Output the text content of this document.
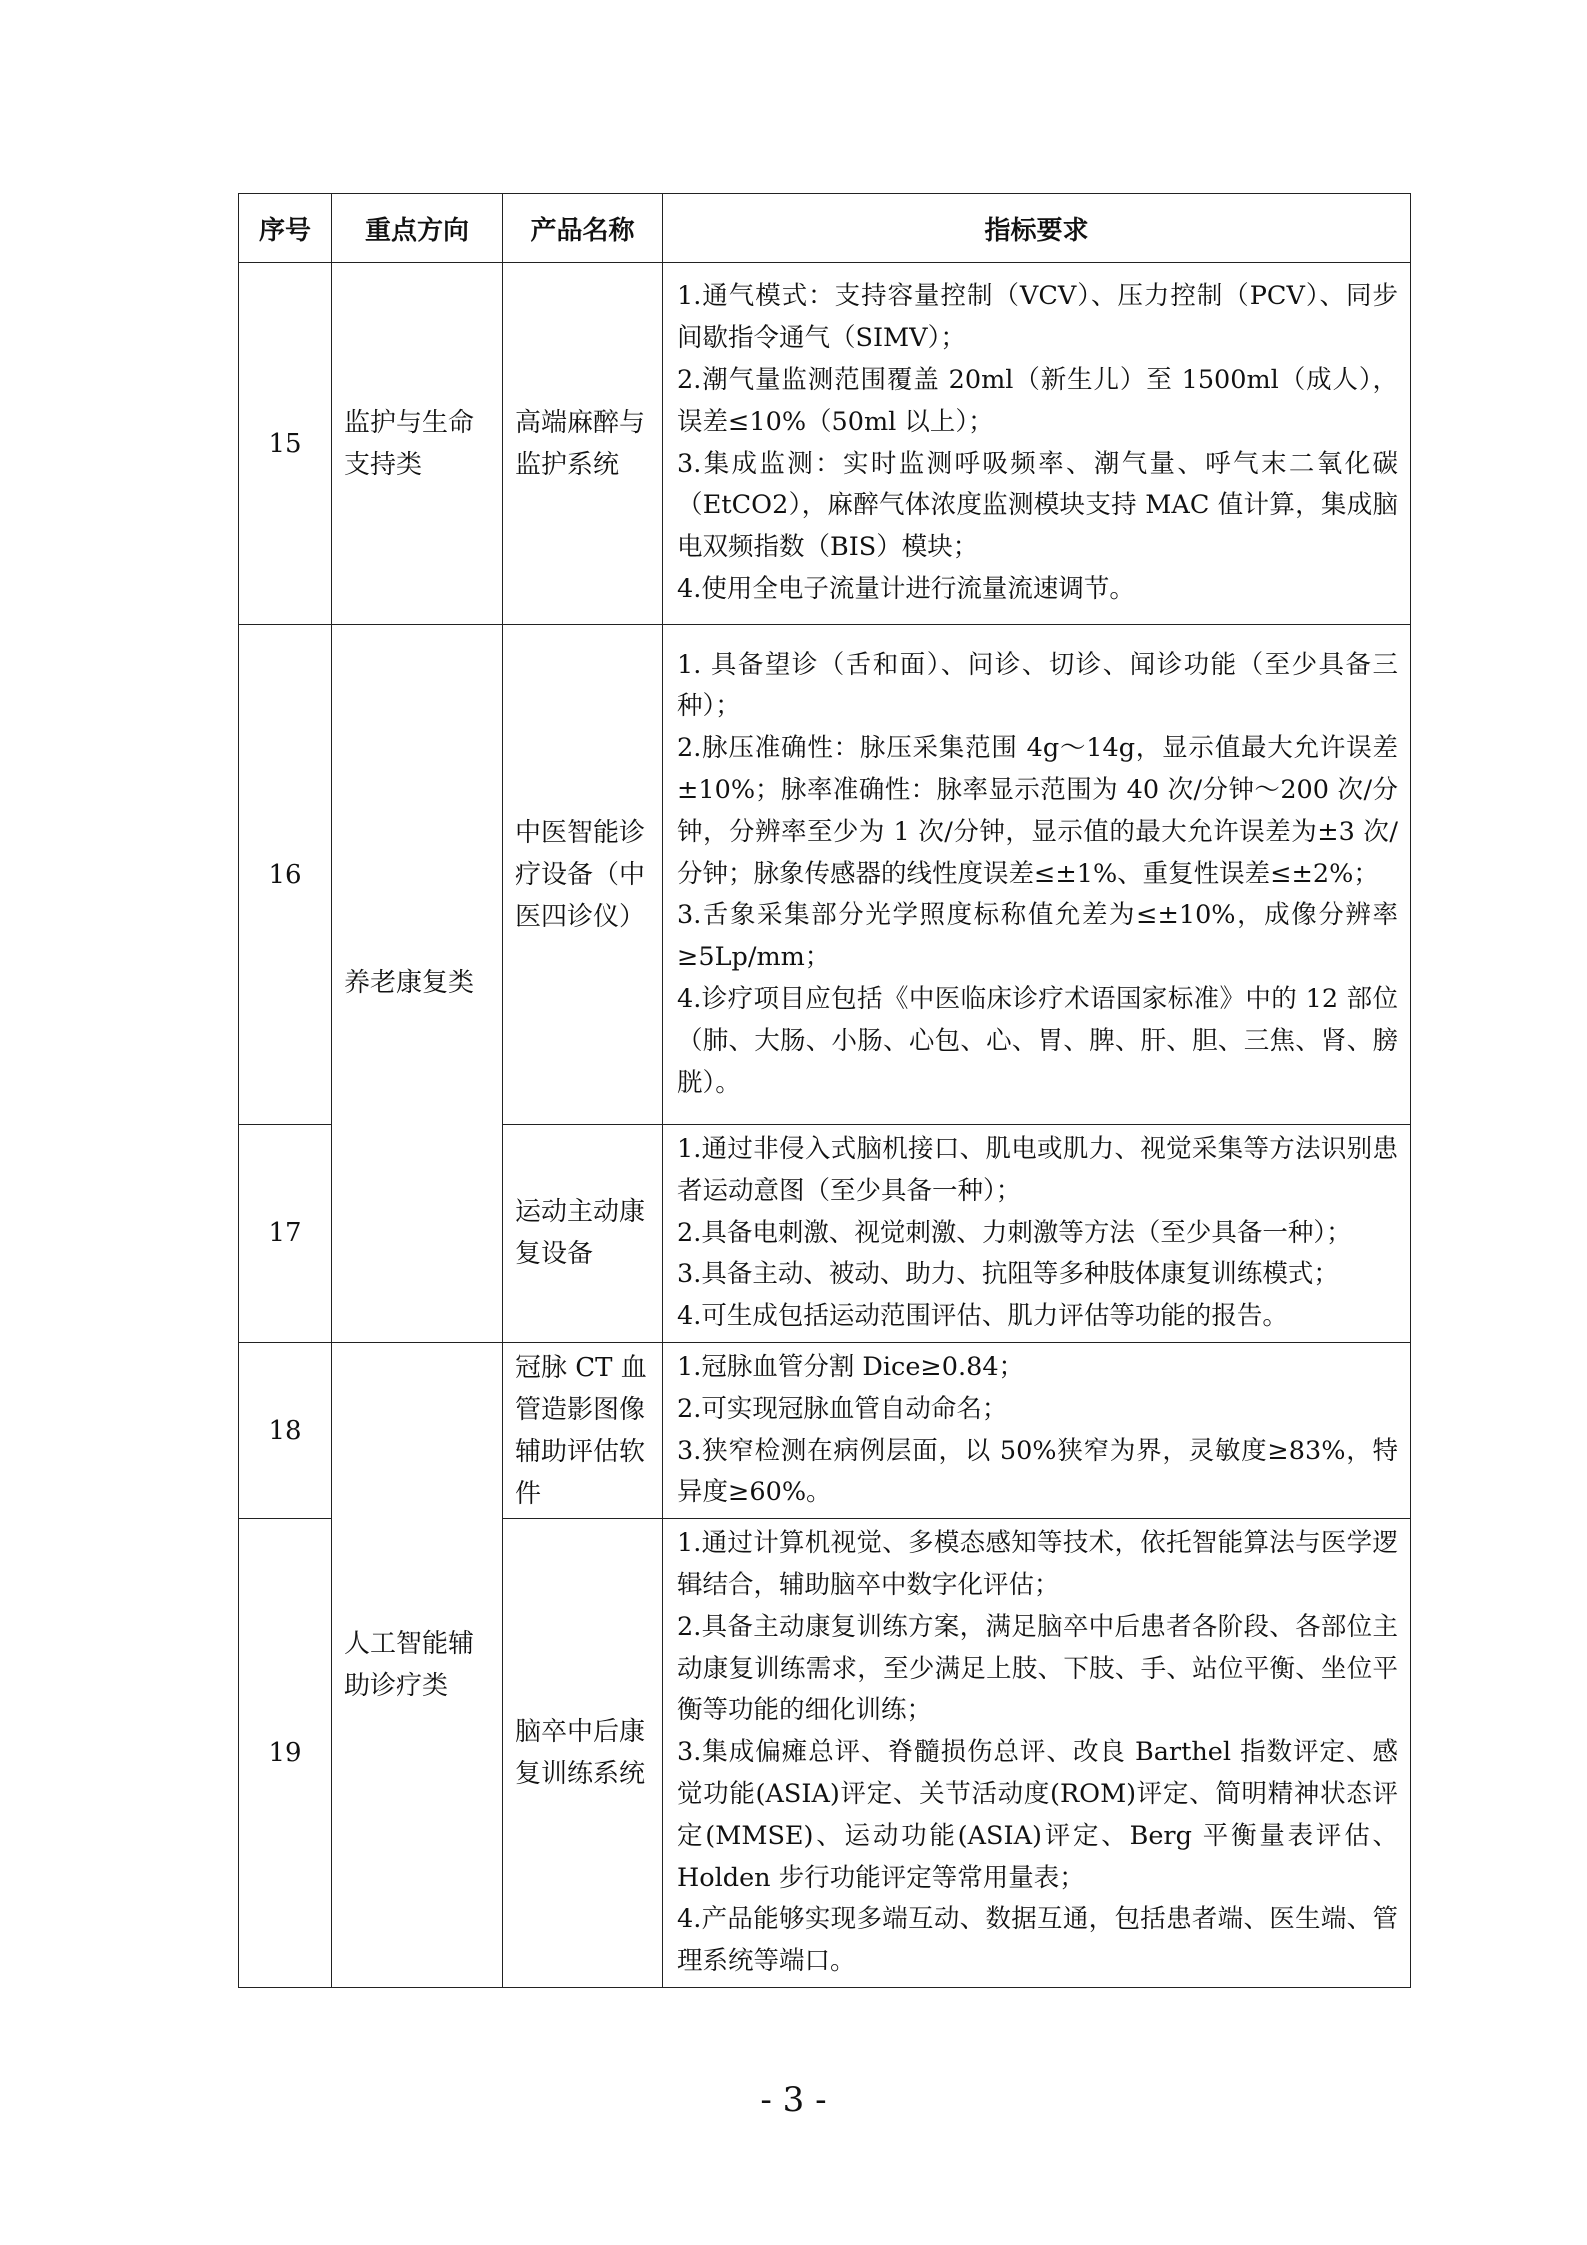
序号	重点方向	产品名称	指标要求
15	监护与生命支持类	高端麻醉与监护系统	1.通气模式：支持容量控制（VCV）、压力控制（PCV）、同步间歇指令通气（SIMV）；
2.潮气量监测范围覆盖 20ml（新生儿）至 1500ml（成人），误差≤10%（50ml 以上）；
3.集成监测：实时监测呼吸频率、潮气量、呼气末二氧化碳（EtCO2），麻醉气体浓度监测模块支持 MAC 值计算，集成脑电双频指数（BIS）模块；
4.使用全电子流量计进行流量流速调节。

16	养老康复类	中医智能诊疗设备（中医四诊仪）	1. 具备望诊（舌和面）、问诊、切诊、闻诊功能（至少具备三种）；
2.脉压准确性：脉压采集范围 4g～14g，显示值最大允许误差±10%；脉率准确性：脉率显示范围为 40 次/分钟～200 次/分钟，分辨率至少为 1 次/分钟，显示值的最大允许误差为±3 次/分钟；脉象传感器的线性度误差≤±1%、重复性误差≤±2%；
3.舌象采集部分光学照度标称值允差为≤±10%，成像分辨率≥5Lp/mm；
4.诊疗项目应包括《中医临床诊疗术语国家标准》中的 12 部位（肺、大肠、小肠、心包、心、胃、脾、肝、胆、三焦、肾、膀胱）。

17		运动主动康复设备	1.通过非侵入式脑机接口、肌电或肌力、视觉采集等方法识别患者运动意图（至少具备一种）；
2.具备电刺激、视觉刺激、力刺激等方法（至少具备一种）；
3.具备主动、被动、助力、抗阻等多种肢体康复训练模式；
4.可生成包括运动范围评估、肌力评估等功能的报告。

18	人工智能辅助诊疗类	冠脉 CT 血管造影图像辅助评估软件	1.冠脉血管分割 Dice≥0.84；
2.可实现冠脉血管自动命名；
3.狭窄检测在病例层面，以 50%狭窄为界，灵敏度≥83%，特异度≥60%。

19		脑卒中后康复训练系统	1.通过计算机视觉、多模态感知等技术，依托智能算法与医学逻辑结合，辅助脑卒中数字化评估；
2.具备主动康复训练方案，满足脑卒中后患者各阶段、各部位主动康复训练需求，至少满足上肢、下肢、手、站位平衡、坐位平衡等功能的细化训练；
3.集成偏瘫总评、脊髓损伤总评、改良 Barthel 指数评定、感觉功能(ASIA)评定、关节活动度(ROM)评定、简明精神状态评定(MMSE)、运动功能(ASIA)评定、Berg 平衡量表评估、Holden 步行功能评定等常用量表；
4.产品能够实现多端互动、数据互通，包括患者端、医生端、管理系统等端口。
- 3 -
